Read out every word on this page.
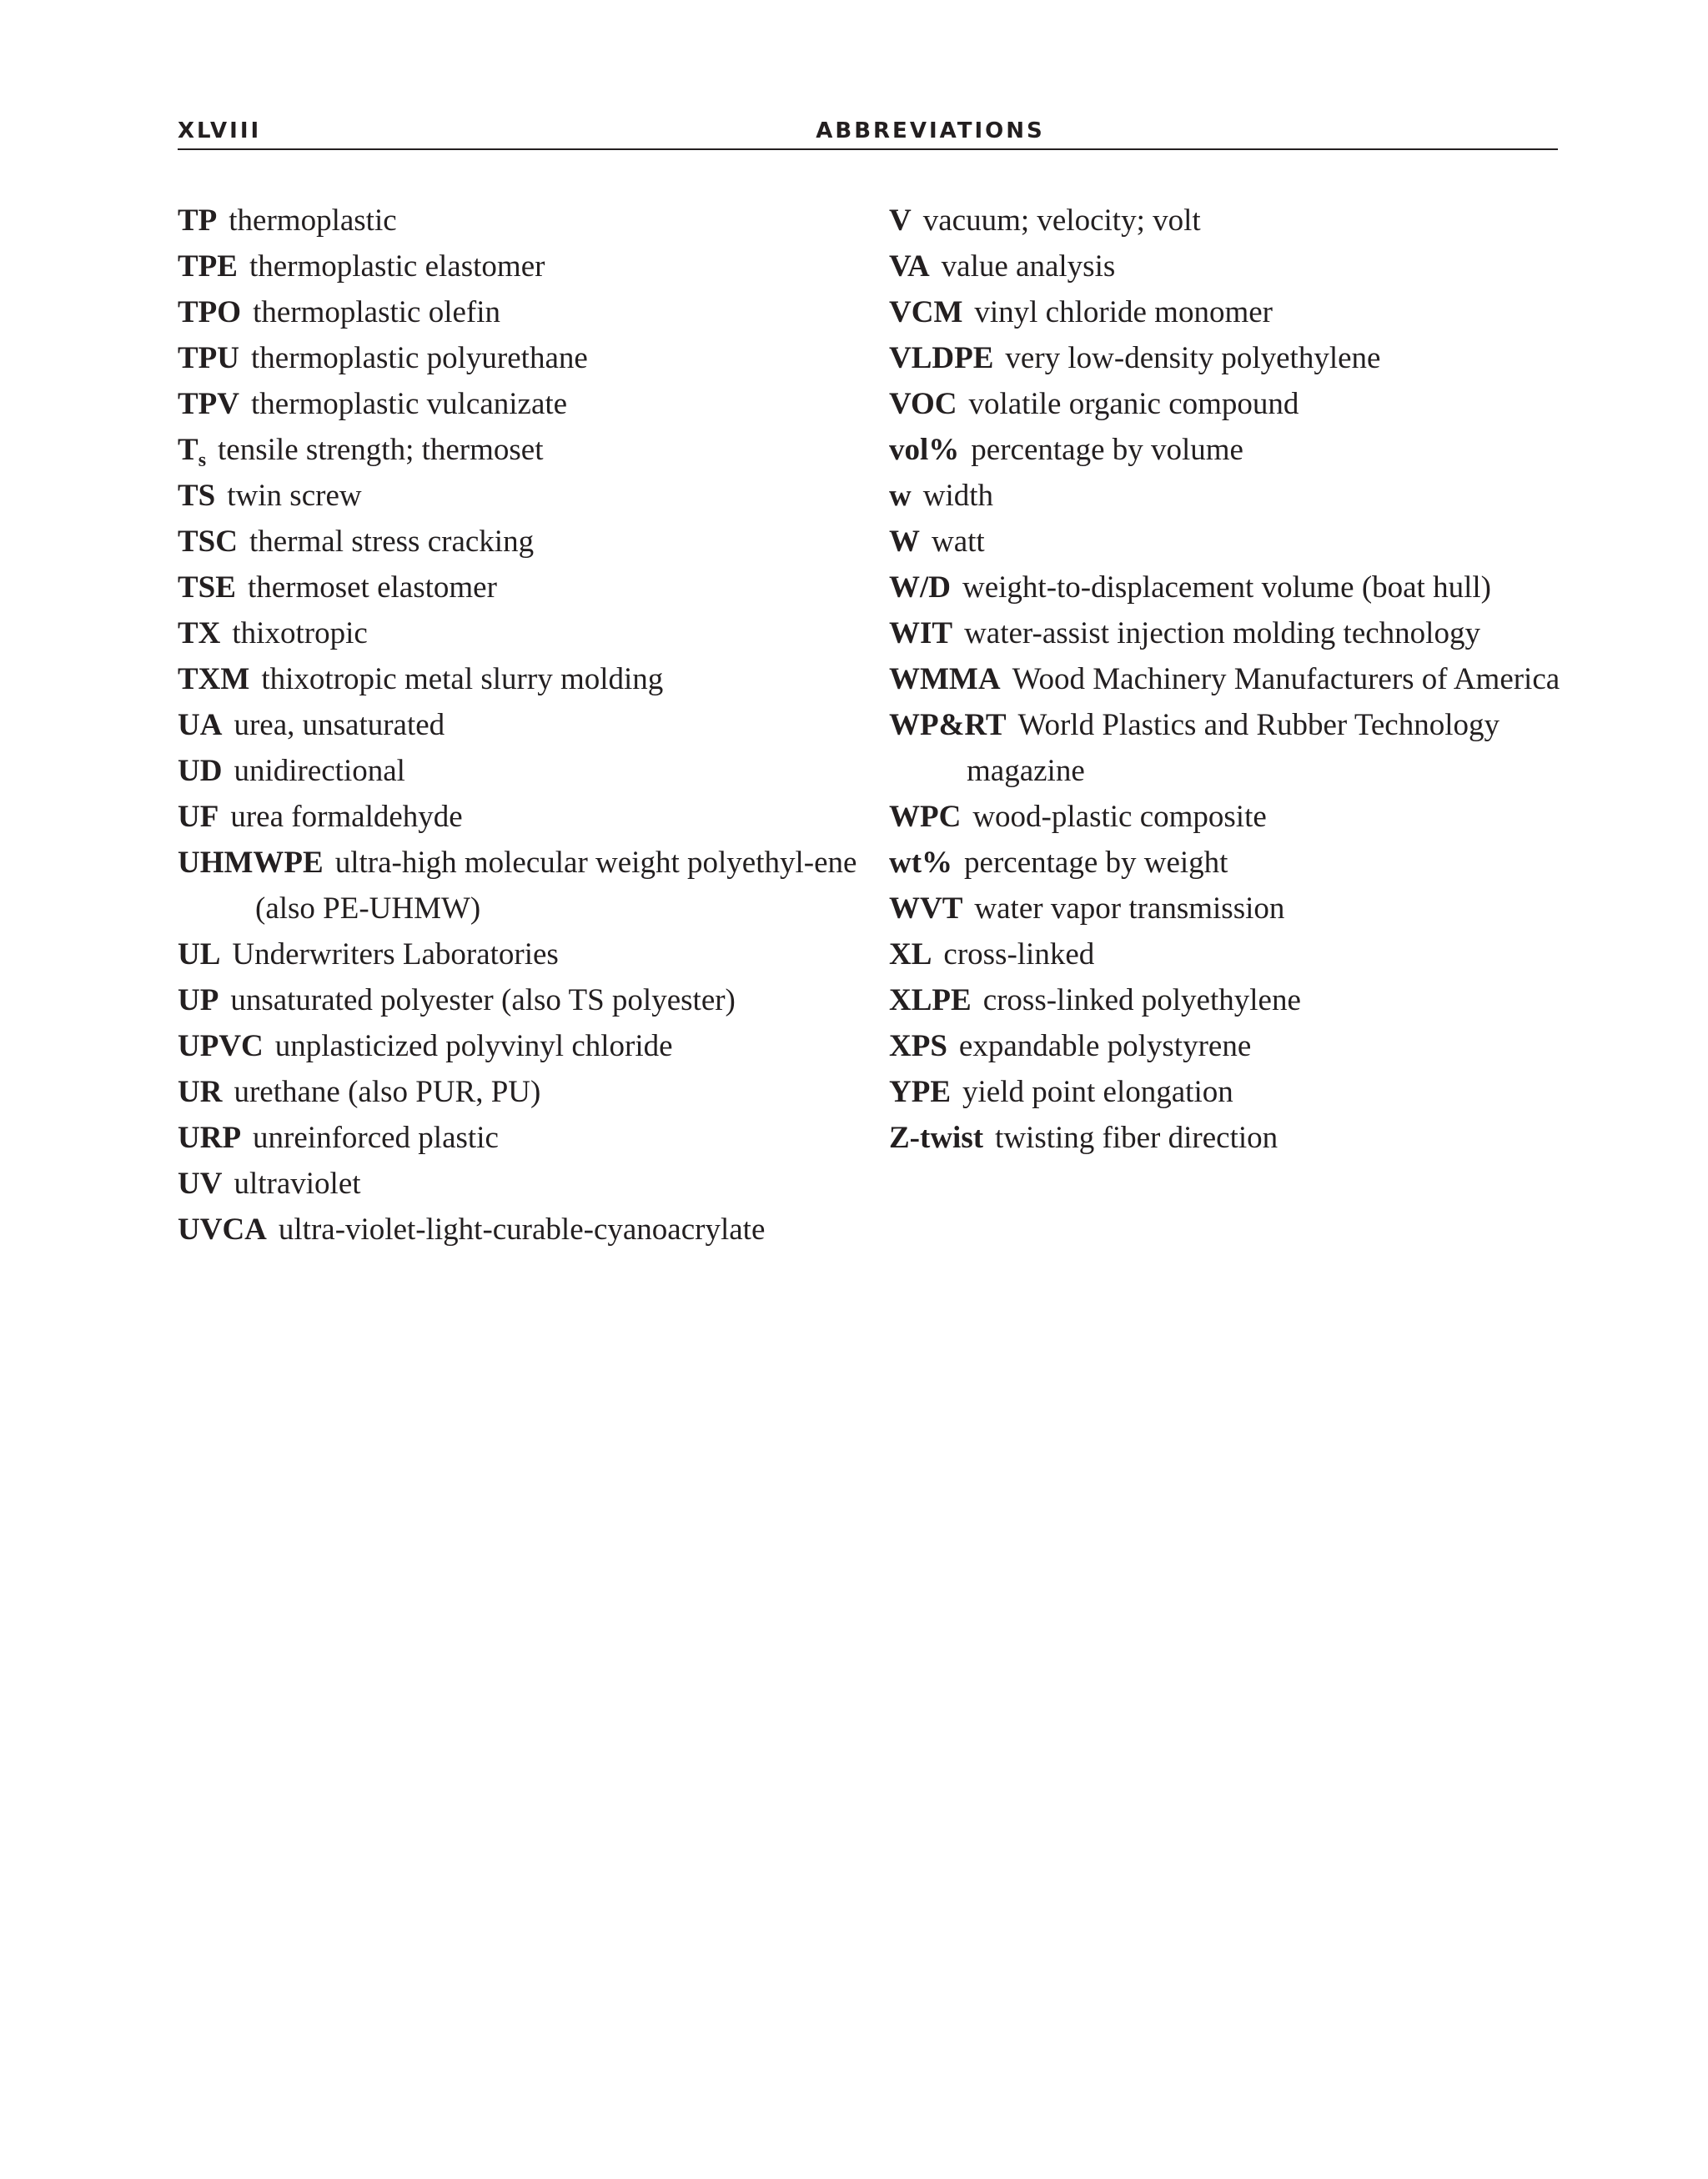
XLVIII	ABBREVIATIONS

TP thermoplastic

TPE thermoplastic elastomer

TPO thermoplastic olefin

TPU thermoplastic polyurethane

TPV thermoplastic vulcanizate

$T_s$ tensile strength; thermoset

TS twin screw

TSC thermal stress cracking

TSE thermoset elastomer

TX thixotropic

TXM thixotropic metal slurry molding

UA urea, unsaturated

UD unidirectional

UF urea formaldehyde

UHMWPE ultra-high molecular weight polyethyl-ene (also PE-UHMW)

UL Underwriters Laboratories

UP unsaturated polyester (also TS polyester)

UPVC unplasticized polyvinyl chloride

UR urethane (also PUR, PU)

URP unreinforced plastic

UV ultraviolet

UVCA ultra-violet-light-curable-cyanoacrylate

V vacuum; velocity; volt

VA value analysis

VCM vinyl chloride monomer

VLDPE very low-density polyethylene

VOC volatile organic compound

vol% percentage by volume

w width

W watt

W/D weight-to-displacement volume (boat hull)

WIT water-assist injection molding technology

WMMA Wood Machinery Manufacturers of America

WP&RT World Plastics and Rubber Technology magazine

WPC wood-plastic composite

wt% percentage by weight

WVT water vapor transmission

XL cross-linked

XLPE cross-linked polyethylene

XPS expandable polystyrene

YPE yield point elongation

Z-twist twisting fiber direction
